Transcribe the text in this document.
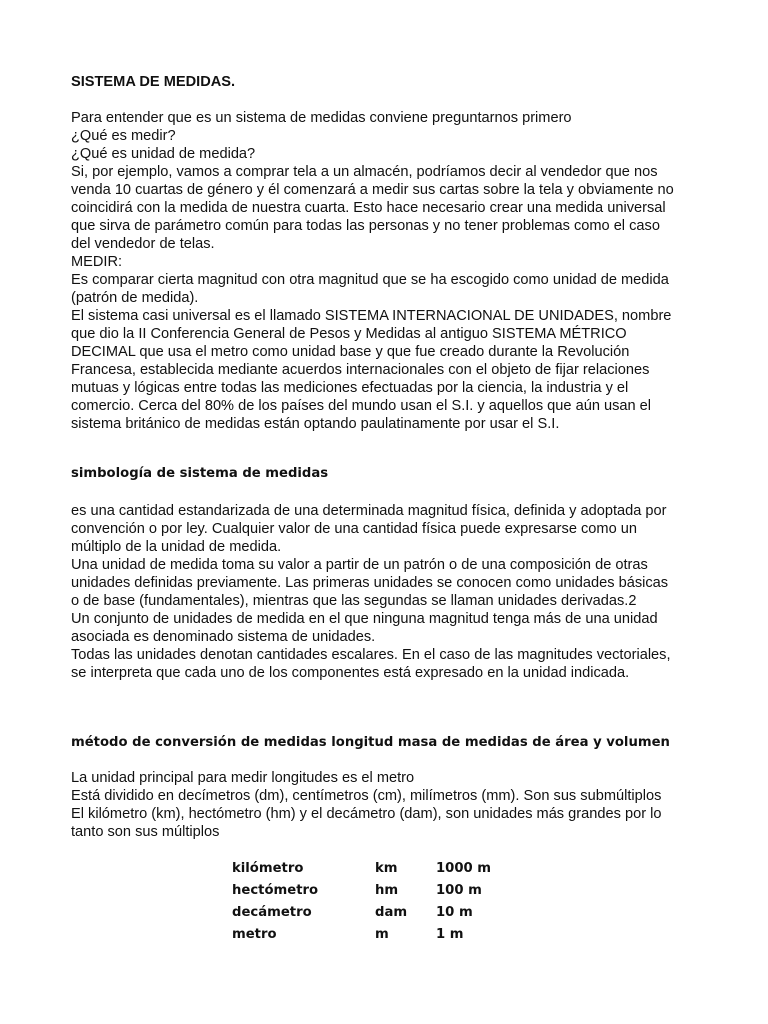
SISTEMA DE MEDIDAS.

Para entender que es un sistema de medidas conviene preguntarnos primero

¿Qué es medir?

¿Qué es unidad de medida?

Si, por ejemplo, vamos a comprar tela a un almacén, podríamos decir al vendedor que nos

venda 10 cuartas de género y él comenzará a medir sus cartas sobre la tela y obviamente no

coincidirá con la medida de nuestra cuarta. Esto hace necesario crear una medida universal

que sirva de parámetro común para todas las personas y no tener problemas como el caso

del vendedor de telas.

MEDIR:

Es comparar cierta magnitud con otra magnitud que se ha escogido como unidad de medida

(patrón de medida).

El sistema casi universal es el llamado SISTEMA INTERNACIONAL DE UNIDADES, nombre

que dio la II Conferencia General de Pesos y Medidas al antiguo SISTEMA MÉTRICO

DECIMAL que usa el metro como unidad base y que fue creado durante la Revolución

Francesa, establecida mediante acuerdos internacionales con el objeto de fijar relaciones

mutuas y lógicas entre todas las mediciones efectuadas por la ciencia, la industria y el

comercio. Cerca del 80% de los países del mundo usan el S.I. y aquellos que aún usan el

sistema británico de medidas están optando paulatinamente por usar el S.I.

simbología de sistema de medidas

es una cantidad estandarizada de una determinada magnitud física, definida y adoptada por

convención o por ley. Cualquier valor de una cantidad física puede expresarse como un

múltiplo de la unidad de medida.

Una unidad de medida toma su valor a partir de un patrón o de una composición de otras

unidades definidas previamente. Las primeras unidades se conocen como unidades básicas

o de base (fundamentales), mientras que las segundas se llaman unidades derivadas.2

Un conjunto de unidades de medida en el que ninguna magnitud tenga más de una unidad

asociada es denominado sistema de unidades.

Todas las unidades denotan cantidades escalares. En el caso de las magnitudes vectoriales,

se interpreta que cada uno de los componentes está expresado en la unidad indicada.

método de conversión de medidas longitud masa de medidas de área y volumen

La unidad principal para medir longitudes es el metro

Está dividido en decímetros (dm), centímetros (cm), milímetros (mm). Son sus submúltiplos

El kilómetro (km), hectómetro (hm) y el decámetro (dam), son unidades más grandes por lo

tanto son sus múltiplos

kilómetro	km	1000 m
hectómetro	hm	100 m
decámetro	dam	10 m
metro	m	1 m
